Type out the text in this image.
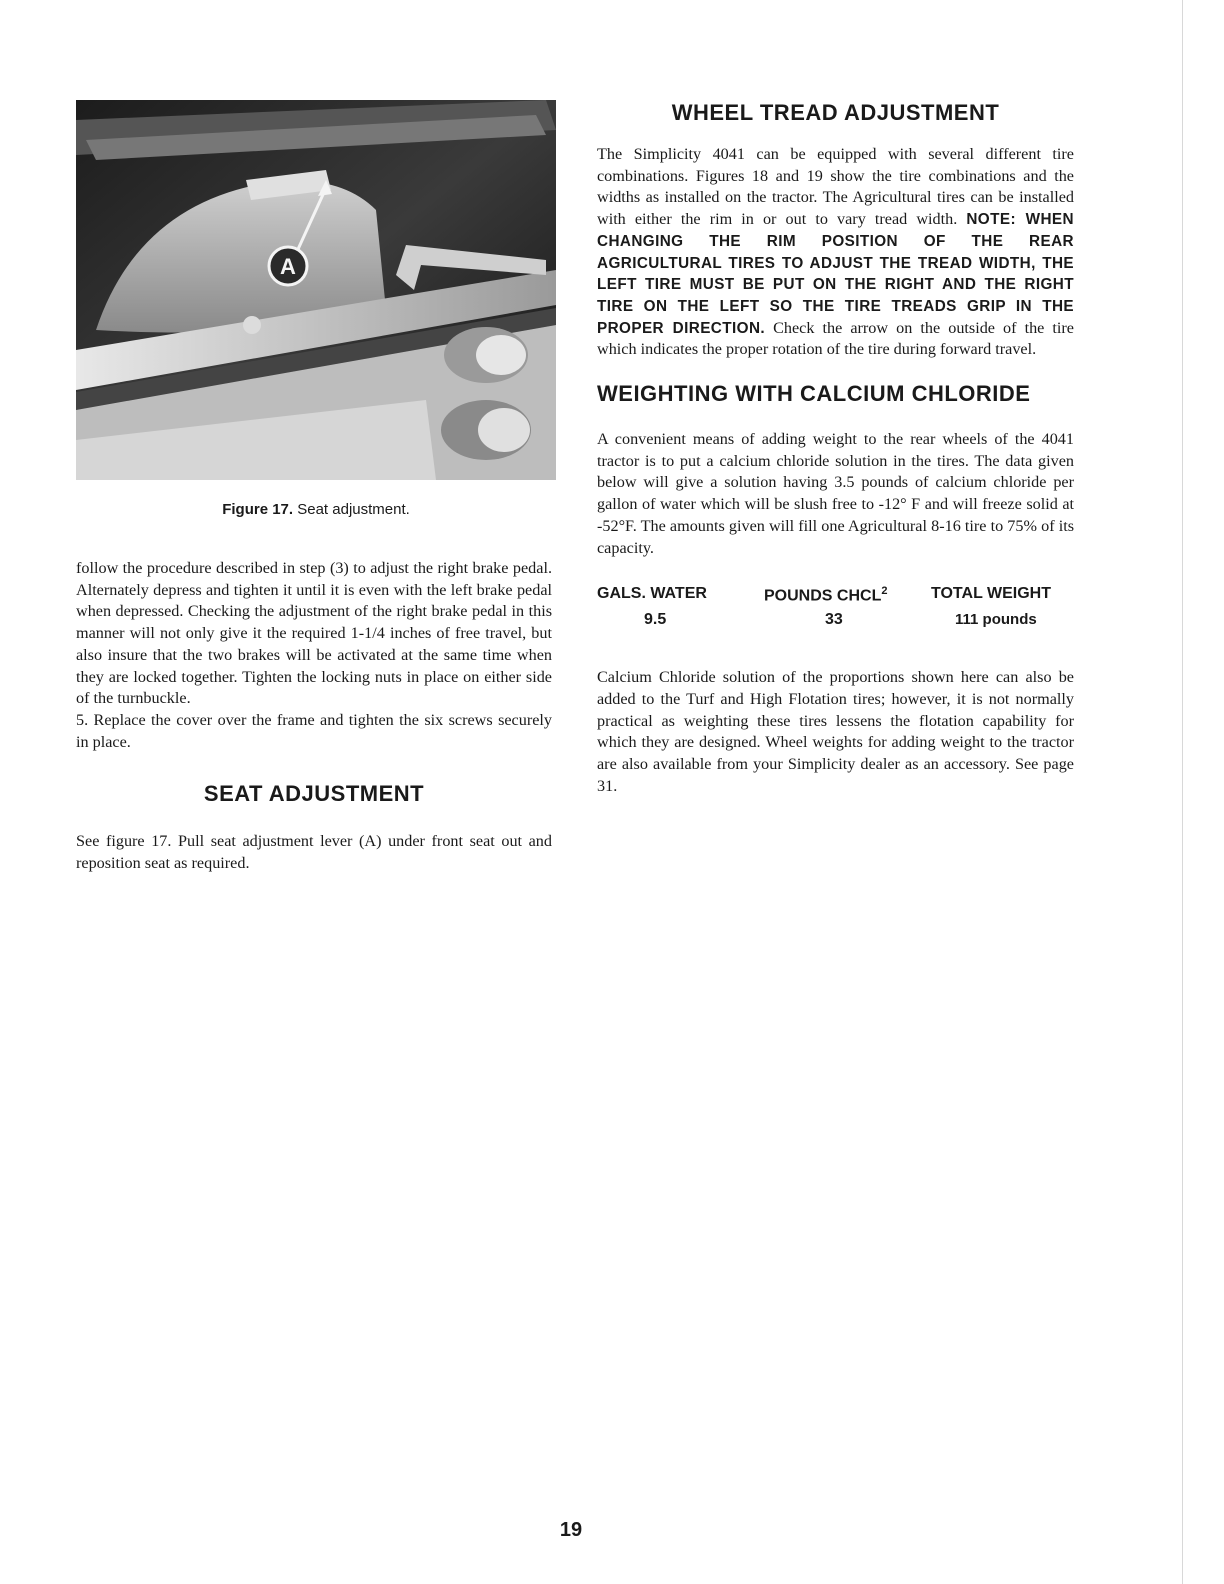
A
Figure 17. Seat adjustment.

follow the procedure described in step (3) to adjust the right brake pedal. Alternately depress and tighten it until it is even with the left brake pedal when depressed. Checking the adjustment of the right brake pedal in this manner will not only give it the required 1-1/4 inches of free travel, but also insure that the two brakes will be activated at the same time when they are locked together. Tighten the locking nuts in place on either side of the turnbuckle.

5. Replace the cover over the frame and tighten the six screws securely in place.

SEAT ADJUSTMENT

See figure 17. Pull seat adjustment lever (A) under front seat out and reposition seat as required.

WHEEL TREAD ADJUSTMENT

The Simplicity 4041 can be equipped with several different tire combinations. Figures 18 and 19 show the tire combinations and the widths as installed on the tractor. The Agricultural tires can be installed with either the rim in or out to vary tread width. NOTE: WHEN CHANGING THE RIM POSITION OF THE REAR AGRICULTURAL TIRES TO ADJUST THE TREAD WIDTH, THE LEFT TIRE MUST BE PUT ON THE RIGHT AND THE RIGHT TIRE ON THE LEFT SO THE TIRE TREADS GRIP IN THE PROPER DIRECTION. Check the arrow on the outside of the tire which indicates the proper rotation of the tire during forward travel.

WEIGHTING WITH CALCIUM CHLORIDE

A convenient means of adding weight to the rear wheels of the 4041 tractor is to put a calcium chloride solution in the tires. The data given below will give a solution having 3.5 pounds of calcium chloride per gallon of water which will be slush free to -12° F and will freeze solid at -52°F. The amounts given will fill one Agricultural 8-16 tire to 75% of its capacity.

GALS. WATER	POUNDS CHCL$^2$	TOTAL WEIGHT
9.5	33	111 pounds

Calcium Chloride solution of the proportions shown here can also be added to the Turf and High Flotation tires; however, it is not normally practical as weighting these tires lessens the flotation capability for which they are designed. Wheel weights for adding weight to the tractor are also available from your Simplicity dealer as an accessory. See page 31.

19
